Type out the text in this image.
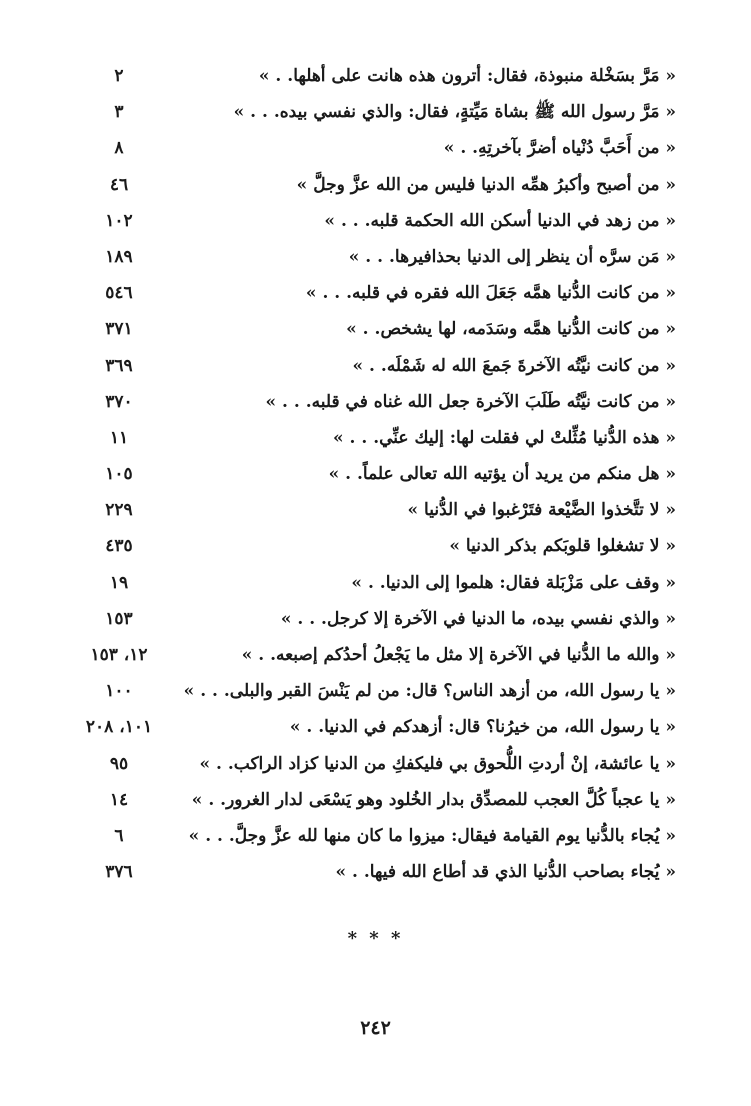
« مَرَّ بسَخْلة منبوذة، فقال: أترون هذه هانت على أهلها. . »
٢
« مَرَّ رسول الله ﷺ بشاة مَيِّتةٍ، فقال: والذي نفسي بيده. . . »
٣
« من أَحَبَّ دُنْياه أضرَّ بآخرتِهِ. . »
٨
« من أصبح وأكبرُ همِّه الدنيا فليس من الله عزَّ وجلَّ »
٤٦
« من زهد في الدنيا أسكن الله الحكمة قلبه. . . »
١٠٢
« مَن سرَّه أن ينظر إلى الدنيا بحذافيرها. . . »
١٨٩
« من كانت الدُّنيا همَّه جَعَلَ الله فقره في قلبه. . . »
٥٤٦
« من كانت الدُّنيا همَّه وسَدَمه، لها يشخص. . »
٣٧١
« من كانت نيَّتُه الآخرةَ جَمعَ الله له شَمْلَه. . »
٣٦٩
« من كانت نيَّتُه طَلَبَ الآخرة جعل الله غناه في قلبه. . . »
٣٧٠
« هذه الدُّنيا مُثِّلتْ لي فقلت لها: إليك عنِّي. . . »
١١
« هل منكم من يريد أن يؤتيه الله تعالى علماً. . »
١٠٥
« لا تتَّخذوا الضَّيْعة فتَرْغبوا في الدُّنيا »
٢٢٩
« لا تشغلوا قلوبَكم بذكر الدنيا »
٤٣٥
« وقف على مَزْبَلة فقال: هلموا إلى الدنيا. . »
١٩
« والذي نفسي بيده، ما الدنيا في الآخرة إلا كرجل. . . »
١٥٣
« والله ما الدُّنيا في الآخرة إلا مثل ما يَجْعلُ أحدُكم إصبعه. . »
١٢، ١٥٣
« يا رسول الله، من أزهد الناس؟ قال: من لم يَنْسَ القبر والبلى. . . »
١٠٠
« يا رسول الله، من خيرُنا؟ قال: أزهدكم في الدنيا. . »
١٠١، ٢٠٨
« يا عائشة، إنْ أردتِ اللُّحوق بي فليكفكِ من الدنيا كزاد الراكب. . »
٩٥
« يا عجباً كُلَّ العجب للمصدِّق بدار الخُلود وهو يَسْعَى لدار الغرور. . »
١٤
« يُجاء بالدُّنيا يوم القيامة فيقال: ميزوا ما كان منها لله عزَّ وجلَّ. . . »
٦
« يُجاء بصاحب الدُّنيا الذي قد أطاع الله فيها. . »
٣٧٦
* * *
٢٤٢
